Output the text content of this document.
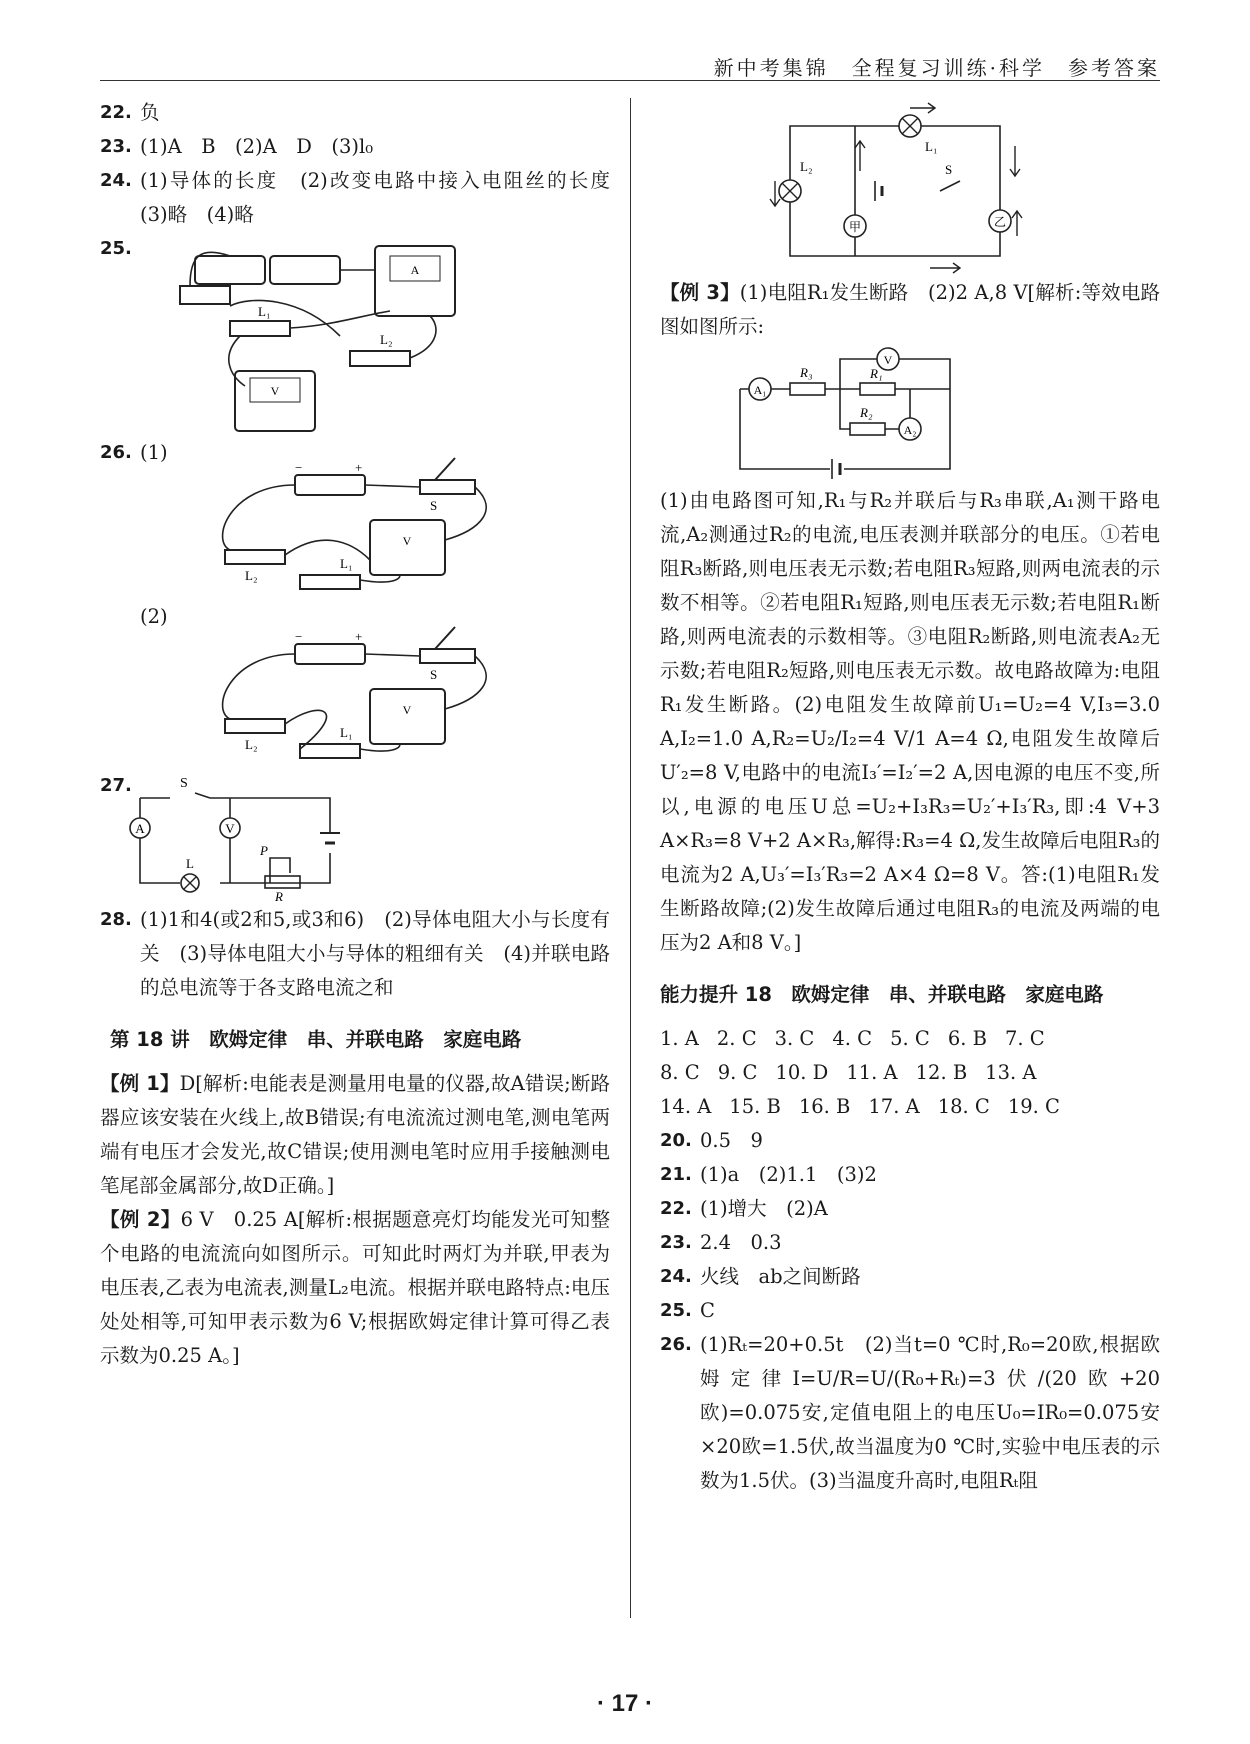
新中考集锦　全程复习训练·科学　参考答案
22. 负
23. (1)A　B　(2)A　D　(3)l₀
24. (1)导体的长度　(2)改变电路中接入电阻丝的长度　(3)略　(4)略
25.
A
L₁
L₂
V
26. (1)
−	+
S
V
L₂
L₁
(2)
−	+
S
V
L₂
L₁
27.	S
A	V
L
P
R
28. (1)1和4(或2和5,或3和6)　(2)导体电阻大小与长度有关　(3)导体电阻大小与导体的粗细有关　(4)并联电路的总电流等于各支路电流之和
第 18 讲　欧姆定律　串、并联电路　家庭电路
【例 1】D[解析:电能表是测量用电量的仪器,故A错误;断路器应该安装在火线上,故B错误;有电流流过测电笔,测电笔两端有电压才会发光,故C错误;使用测电笔时应用手接触测电笔尾部金属部分,故D正确。]
【例 2】6 V　0.25 A[解析:根据题意亮灯均能发光可知整个电路的电流流向如图所示。可知此时两灯为并联,甲表为电压表,乙表为电流表,测量L₂电流。根据并联电路特点:电压处处相等,可知甲表示数为6 V;根据欧姆定律计算可得乙表示数为0.25 A。]
L₁
L₂	S
甲	乙
【例 3】(1)电阻R₁发生断路　(2)2 A,8 V[解析:等效电路图如图所示:
A₁
R₃
V
R₁
R₂
A₂
(1)由电路图可知,R₁与R₂并联后与R₃串联,A₁测干路电流,A₂测通过R₂的电流,电压表测并联部分的电压。①若电阻R₃断路,则电压表无示数;若电阻R₃短路,则两电流表的示数不相等。②若电阻R₁短路,则电压表无示数;若电阻R₁断路,则两电流表的示数相等。③电阻R₂断路,则电流表A₂无示数;若电阻R₂短路,则电压表无示数。故电路故障为:电阻R₁发生断路。(2)电阻发生故障前U₁=U₂=4 V,I₃=3.0 A,I₂=1.0 A,R₂=U₂/I₂=4 V/1 A=4 Ω,电阻发生故障后U′₂=8 V,电路中的电流I₃′=I₂′=2 A,因电源的电压不变,所以,电源的电压U总=U₂+I₃R₃=U₂′+I₃′R₃,即:4 V+3 A×R₃=8 V+2 A×R₃,解得:R₃=4 Ω,发生故障后电阻R₃的电流为2 A,U₃′=I₃′R₃=2 A×4 Ω=8 V。答:(1)电阻R₁发生断路故障;(2)发生故障后通过电阻R₃的电流及两端的电压为2 A和8 V。]
能力提升 18　欧姆定律　串、并联电路　家庭电路
1. A 2. C 3. C 4. C 5. C 6. B 7. C
8. C 9. C 10. D 11. A 12. B 13. A
14. A 15. B 16. B 17. A 18. C 19. C
20. 0.5　9
21. (1)a　(2)1.1　(3)2
22. (1)增大　(2)A
23. 2.4　0.3
24. 火线　ab之间断路
25. C
26. (1)Rₜ=20+0.5t　(2)当t=0 ℃时,R₀=20欧,根据欧姆定律I=U/R=U/(R₀+Rₜ)=3伏/(20欧+20欧)=0.075安,定值电阻上的电压U₀=IR₀=0.075安×20欧=1.5伏,故当温度为0 ℃时,实验中电压表的示数为1.5伏。(3)当温度升高时,电阻Rₜ阻
· 17 ·
